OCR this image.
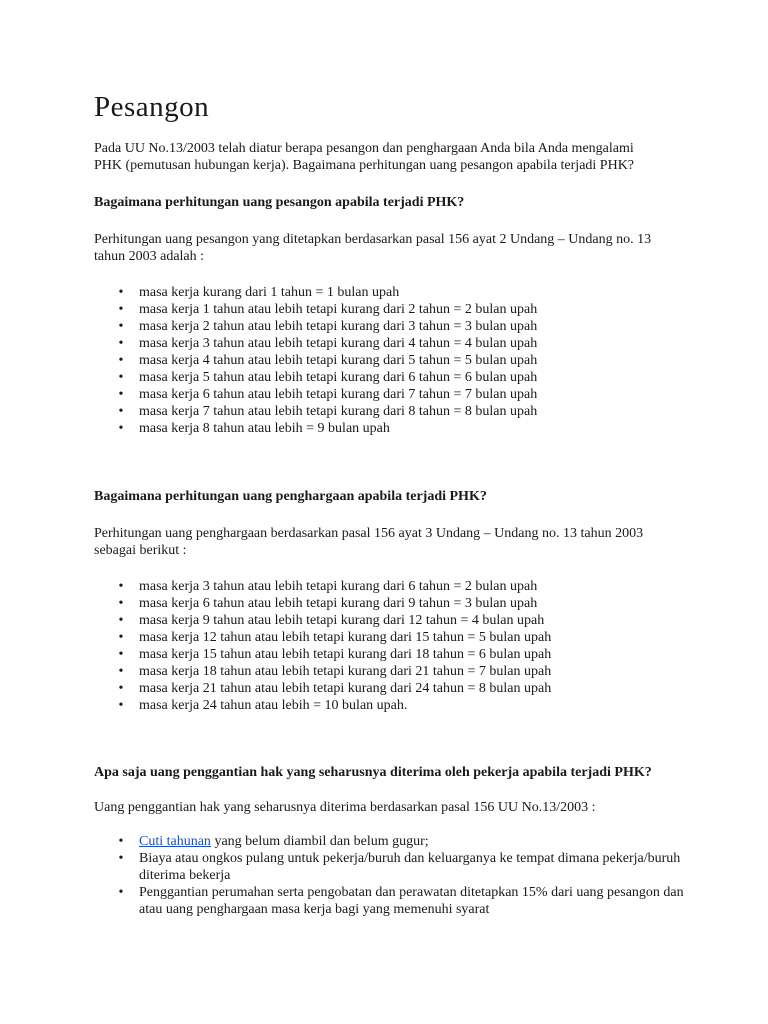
Pesangon

Pada UU No.13/2003 telah diatur berapa pesangon dan penghargaan Anda bila Anda mengalami PHK (pemutusan hubungan kerja). Bagaimana perhitungan uang pesangon apabila terjadi PHK?

Bagaimana perhitungan uang pesangon apabila terjadi PHK?

Perhitungan uang pesangon yang ditetapkan berdasarkan pasal 156 ayat 2 Undang – Undang no. 13 tahun 2003 adalah :

• masa kerja kurang dari 1 tahun = 1 bulan upah
• masa kerja 1 tahun atau lebih tetapi kurang dari 2 tahun = 2 bulan upah
• masa kerja 2 tahun atau lebih tetapi kurang dari 3 tahun = 3 bulan upah
• masa kerja 3 tahun atau lebih tetapi kurang dari 4 tahun = 4 bulan upah
• masa kerja 4 tahun atau lebih tetapi kurang dari 5 tahun = 5 bulan upah
• masa kerja 5 tahun atau lebih tetapi kurang dari 6 tahun = 6 bulan upah
• masa kerja 6 tahun atau lebih tetapi kurang dari 7 tahun = 7 bulan upah
• masa kerja 7 tahun atau lebih tetapi kurang dari 8 tahun = 8 bulan upah
• masa kerja 8 tahun atau lebih = 9 bulan upah

Bagaimana perhitungan uang penghargaan apabila terjadi PHK?

Perhitungan uang penghargaan berdasarkan pasal 156 ayat 3 Undang – Undang no. 13 tahun 2003 sebagai berikut :

• masa kerja 3 tahun atau lebih tetapi kurang dari 6 tahun = 2 bulan upah
• masa kerja 6 tahun atau lebih tetapi kurang dari 9 tahun = 3 bulan upah
• masa kerja 9 tahun atau lebih tetapi kurang dari 12 tahun = 4 bulan upah
• masa kerja 12 tahun atau lebih tetapi kurang dari 15 tahun = 5 bulan upah
• masa kerja 15 tahun atau lebih tetapi kurang dari 18 tahun = 6 bulan upah
• masa kerja 18 tahun atau lebih tetapi kurang dari 21 tahun = 7 bulan upah
• masa kerja 21 tahun atau lebih tetapi kurang dari 24 tahun = 8 bulan upah
• masa kerja 24 tahun atau lebih = 10 bulan upah.

Apa saja uang penggantian hak yang seharusnya diterima oleh pekerja apabila terjadi PHK?

Uang penggantian hak yang seharusnya diterima berdasarkan pasal 156 UU No.13/2003 :

• Cuti tahunan yang belum diambil dan belum gugur;
• Biaya atau ongkos pulang untuk pekerja/buruh dan keluarganya ke tempat dimana pekerja/buruh diterima bekerja
• Penggantian perumahan serta pengobatan dan perawatan ditetapkan 15% dari uang pesangon dan atau uang penghargaan masa kerja bagi yang memenuhi syarat
